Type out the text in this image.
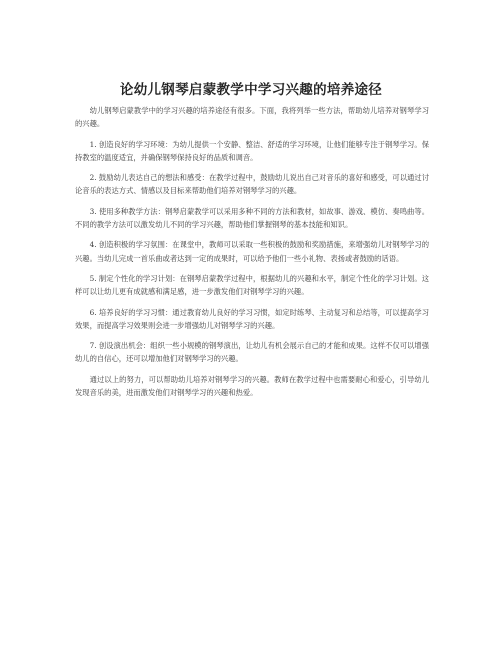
论幼儿钢琴启蒙教学中学习兴趣的培养途径

幼儿钢琴启蒙教学中的学习兴趣的培养途径有很多。下面，我将列举一些方法，帮助幼儿培养对钢琴学习的兴趣。

1. 创造良好的学习环境：为幼儿提供一个安静、整洁、舒适的学习环境，让他们能够专注于钢琴学习。保持教室的温度适宜，并确保钢琴保持良好的品质和调音。

2. 鼓励幼儿表达自己的想法和感受：在教学过程中，鼓励幼儿说出自己对音乐的喜好和感受，可以通过讨论音乐的表达方式、情感以及目标来帮助他们培养对钢琴学习的兴趣。

3. 使用多种教学方法：钢琴启蒙教学可以采用多种不同的方法和教材，如故事、游戏、模仿、奏鸣曲等。不同的教学方法可以激发幼儿不同的学习兴趣，帮助他们掌握钢琴的基本技能和知识。

4. 创造积极的学习氛围：在课堂中，教师可以采取一些积极的鼓励和奖励措施，来增强幼儿对钢琴学习的兴趣。当幼儿完成一首乐曲或者达到一定的成果时，可以给予他们一些小礼物、表扬或者鼓励的话语。

5. 制定个性化的学习计划：在钢琴启蒙教学过程中，根据幼儿的兴趣和水平，制定个性化的学习计划。这样可以让幼儿更有成就感和满足感，进一步激发他们对钢琴学习的兴趣。

6. 培养良好的学习习惯：通过教育幼儿良好的学习习惯，如定时练琴、主动复习和总结等，可以提高学习效果，而提高学习效果则会进一步增强幼儿对钢琴学习的兴趣。

7. 创设演出机会：组织一些小规模的钢琴演出，让幼儿有机会展示自己的才能和成果。这样不仅可以增强幼儿的自信心，还可以增加他们对钢琴学习的兴趣。

通过以上的努力，可以帮助幼儿培养对钢琴学习的兴趣。教师在教学过程中也需要耐心和爱心，引导幼儿发现音乐的美，进而激发他们对钢琴学习的兴趣和热爱。
